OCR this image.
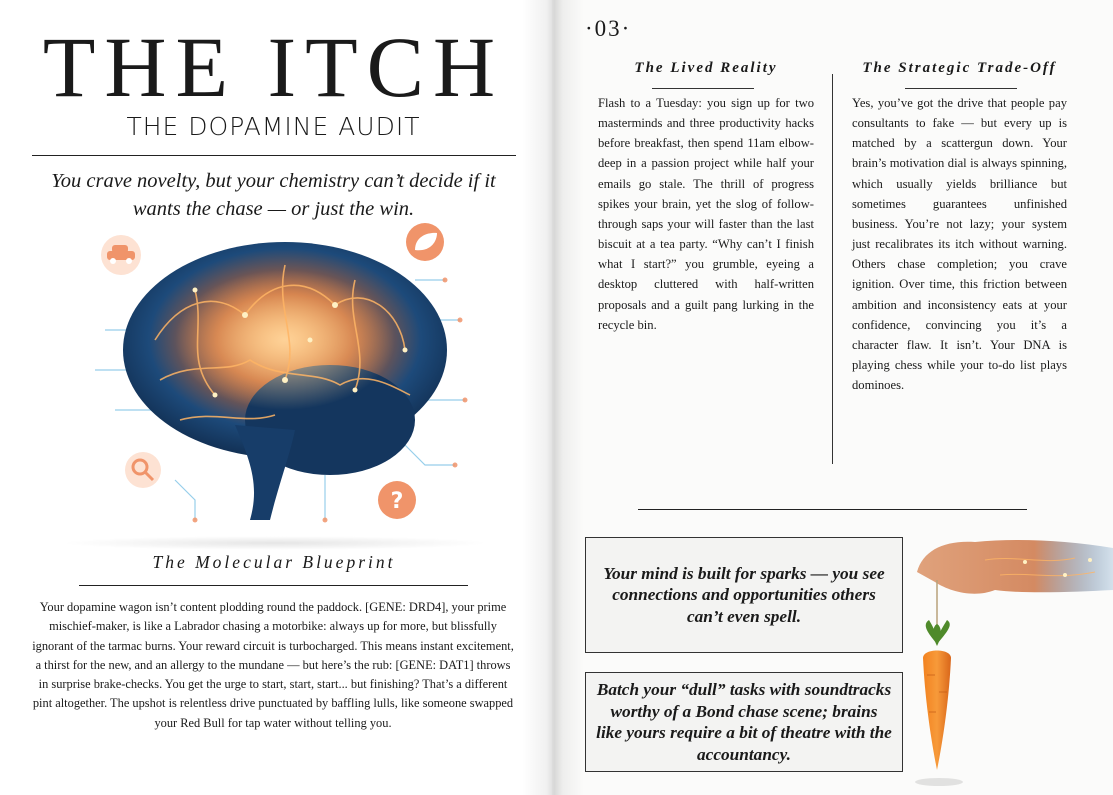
THE ITCH
THE DOPAMINE AUDIT

You crave novelty, but your chemistry can’t decide if it wants the chase — or just the win.

?
The Molecular Blueprint

Your dopamine wagon isn’t content plodding round the paddock. [GENE: DRD4], your prime mischief-maker, is like a Labrador chasing a motorbike: always up for more, but blissfully ignorant of the tarmac burns. Your reward circuit is turbocharged. This means instant excitement, a thirst for the new, and an allergy to the mundane — but here’s the rub: [GENE: DAT1] throws in surprise brake-checks. You get the urge to start, start, start... but finishing? That’s a different pint altogether. The upshot is relentless drive punctuated by baffling lulls, like someone swapped your Red Bull for tap water without telling you.

·03·

The Lived Reality

Flash to a Tuesday: you sign up for two masterminds and three productivity hacks before breakfast, then spend 11am elbow-deep in a passion project while half your emails go stale. The thrill of progress spikes your brain, yet the slog of follow-through saps your will faster than the last biscuit at a tea party. “Why can’t I finish what I start?” you grumble, eyeing a desktop cluttered with half-written proposals and a guilt pang lurking in the recycle bin.

The Strategic Trade-Off

Yes, you’ve got the drive that people pay consultants to fake — but every up is matched by a scattergun down. Your brain’s motivation dial is always spinning, which usually yields brilliance but sometimes guarantees unfinished business. You’re not lazy; your system just recalibrates its itch without warning. Others chase completion; you crave ignition. Over time, this friction between ambition and inconsistency eats at your confidence, convincing you it’s a character flaw. It isn’t. Your DNA is playing chess while your to-do list plays dominoes.

Your mind is built for sparks — you see connections and opportunities others can’t even spell.
Batch your “dull” tasks with soundtracks worthy of a Bond chase scene; brains like yours require a bit of theatre with the accountancy.
